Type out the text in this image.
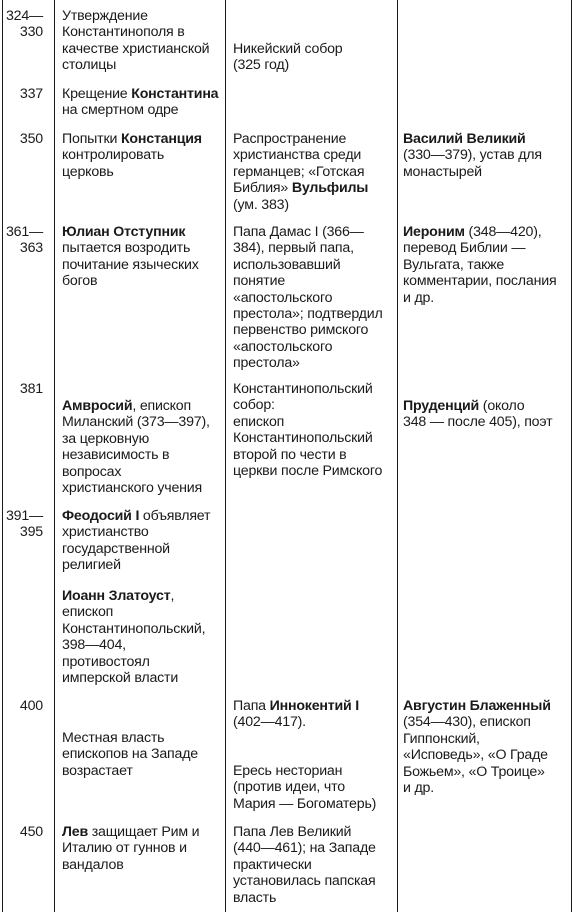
324—
330
Утверждение
Константинополя в
качестве христианской
столицы
Никейский собор
(325 год)
337 Крещение Константина
на смертном одре
350 Попытки Констанция
контролировать
церковь
Распространение
христианства среди
германцев; «Готская
Библия» Вульфилы
(ум. 383)
Василий Великий
(330—379), устав для
монастырей
361—
363
Юлиан Отступник
пытается возродить
почитание языческих
богов
Папа Дамас I (366—
384), первый папа,
использовавший
понятие
«апостольского
престола»; подтвердил
первенство римского
«апостольского
престола»
Иероним (348—420),
перевод Библии —
Вульгата, также
комментарии, послания
и др.
381
Амвросий, епископ
Миланский (373—397),
за церковную
независимость в
вопросах
христианского учения
Константинопольский
собор:
епископ
Константинопольский
второй по чести в
церкви после Римского
Пруденций (около
348 — после 405), поэт
391—
395
Феодосий I объявляет
христианство
государственной
религией
Иоанн Златоуст,
епископ
Константинопольский,
398—404,
противостоял
имперской власти
400
Местная власть
епископов на Западе
возрастает
Папа Иннокентий I
(402—417).
Ересь несториан
(против идеи, что
Мария — Богоматерь)
Августин Блаженный
(354—430), епископ
Гиппонский,
«Исповедь», «О Граде
Божьем», «О Троице»
и др.
450 Лев защищает Рим и
Италию от гуннов и
вандалов
Папа Лев Великий
(440—461); на Западе
практически
установилась папская
власть
